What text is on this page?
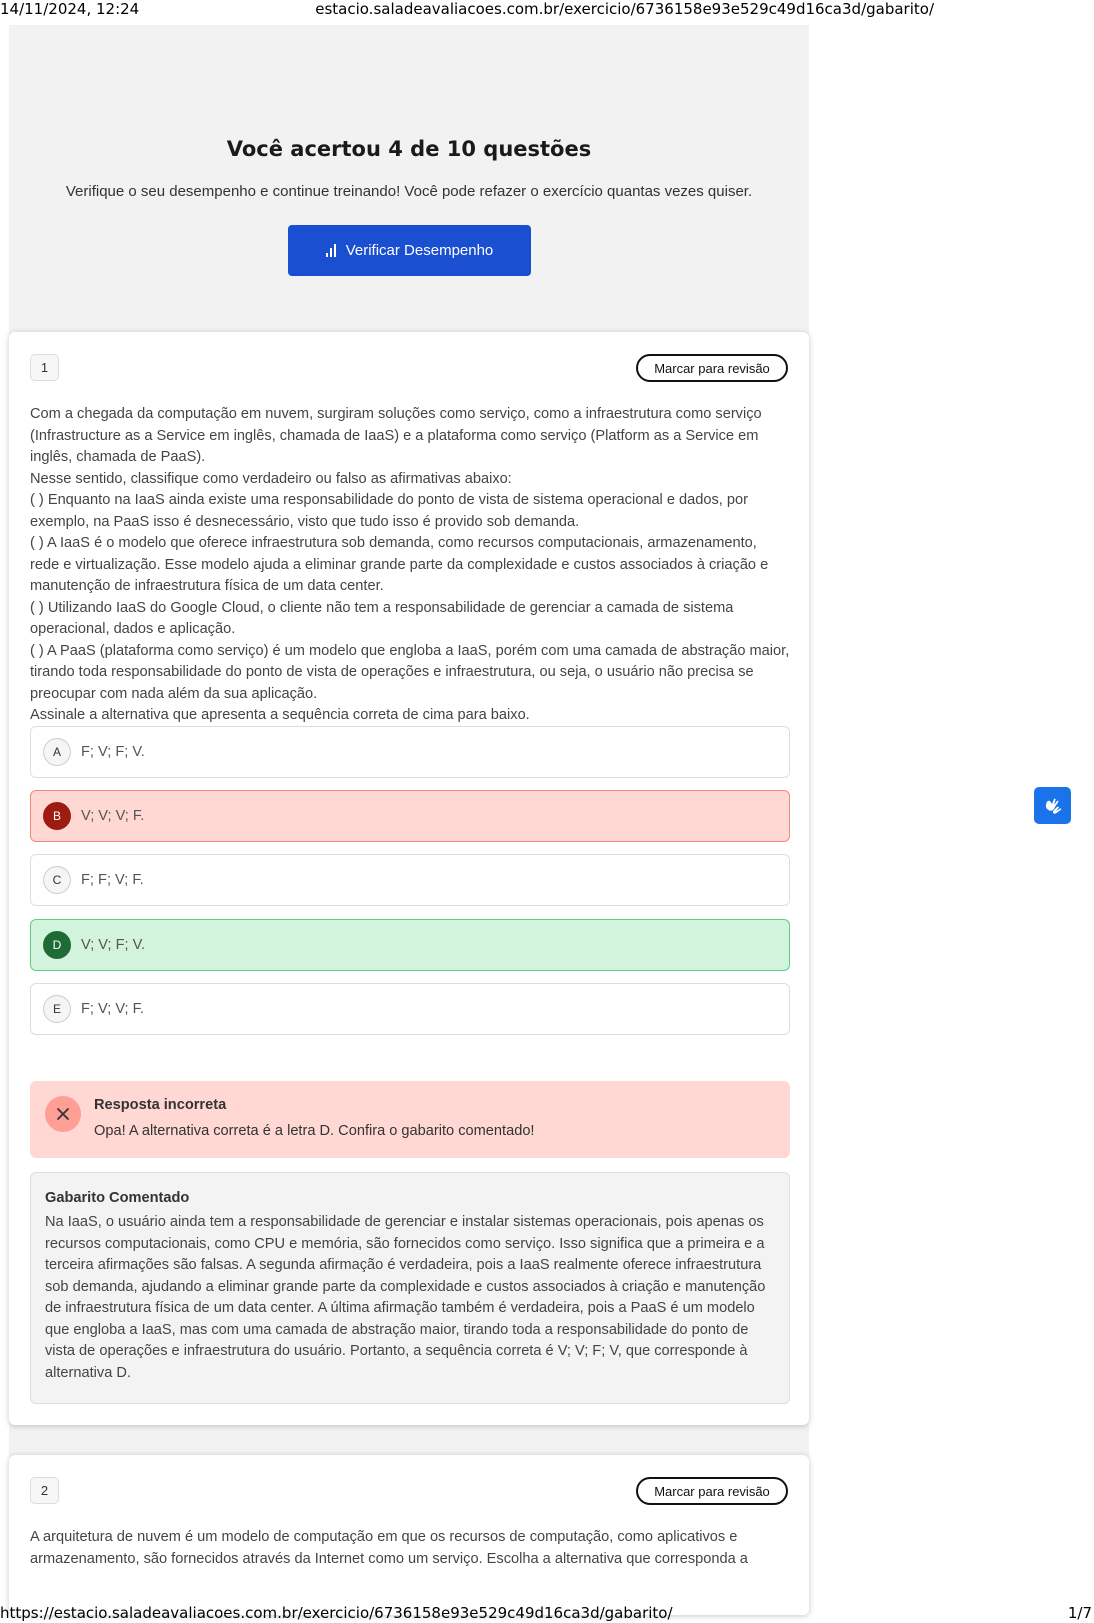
14/11/2024, 12:24	estacio.saladeavaliacoes.com.br/exercicio/6736158e93e529c49d16ca3d/gabarito/
Você acertou 4 de 10 questões

Verifique o seu desempenho e continue treinando! Você pode refazer o exercício quantas vezes quiser.

Verificar Desempenho
1	Marcar para revisão

Com a chegada da computação em nuvem, surgiram soluções como serviço, como a infraestrutura como serviço (Infrastructure as a Service em inglês, chamada de IaaS) e a plataforma como serviço (Platform as a Service em inglês, chamada de PaaS).

Nesse sentido, classifique como verdadeiro ou falso as afirmativas abaixo:

( ) Enquanto na IaaS ainda existe uma responsabilidade do ponto de vista de sistema operacional e dados, por exemplo, na PaaS isso é desnecessário, visto que tudo isso é provido sob demanda.

( ) A IaaS é o modelo que oferece infraestrutura sob demanda, como recursos computacionais, armazenamento, rede e virtualização. Esse modelo ajuda a eliminar grande parte da complexidade e custos associados à criação e manutenção de infraestrutura física de um data center.

( ) Utilizando IaaS do Google Cloud, o cliente não tem a responsabilidade de gerenciar a camada de sistema operacional, dados e aplicação.

( ) A PaaS (plataforma como serviço) é um modelo que engloba a IaaS, porém com uma camada de abstração maior, tirando toda responsabilidade do ponto de vista de operações e infraestrutura, ou seja, o usuário não precisa se preocupar com nada além da sua aplicação.

Assinale a alternativa que apresenta a sequência correta de cima para baixo.

A	F; V; F; V.
B	V; V; V; F.
C	F; F; V; F.
D	V; V; F; V.
E	F; V; V; F.
Resposta incorreta
Opa! A alternativa correta é a letra D. Confira o gabarito comentado!
Gabarito Comentado
Na IaaS, o usuário ainda tem a responsabilidade de gerenciar e instalar sistemas operacionais, pois apenas os recursos computacionais, como CPU e memória, são fornecidos como serviço. Isso significa que a primeira e a terceira afirmações são falsas. A segunda afirmação é verdadeira, pois a IaaS realmente oferece infraestrutura sob demanda, ajudando a eliminar grande parte da complexidade e custos associados à criação e manutenção de infraestrutura física de um data center. A última afirmação também é verdadeira, pois a PaaS é um modelo que engloba a IaaS, mas com uma camada de abstração maior, tirando toda a responsabilidade do ponto de vista de operações e infraestrutura do usuário. Portanto, a sequência correta é V; V; F; V, que corresponde à alternativa D.
2	Marcar para revisão

A arquitetura de nuvem é um modelo de computação em que os recursos de computação, como aplicativos e armazenamento, são fornecidos através da Internet como um serviço. Escolha a alternativa que corresponda a

https://estacio.saladeavaliacoes.com.br/exercicio/6736158e93e529c49d16ca3d/gabarito/	1/7
